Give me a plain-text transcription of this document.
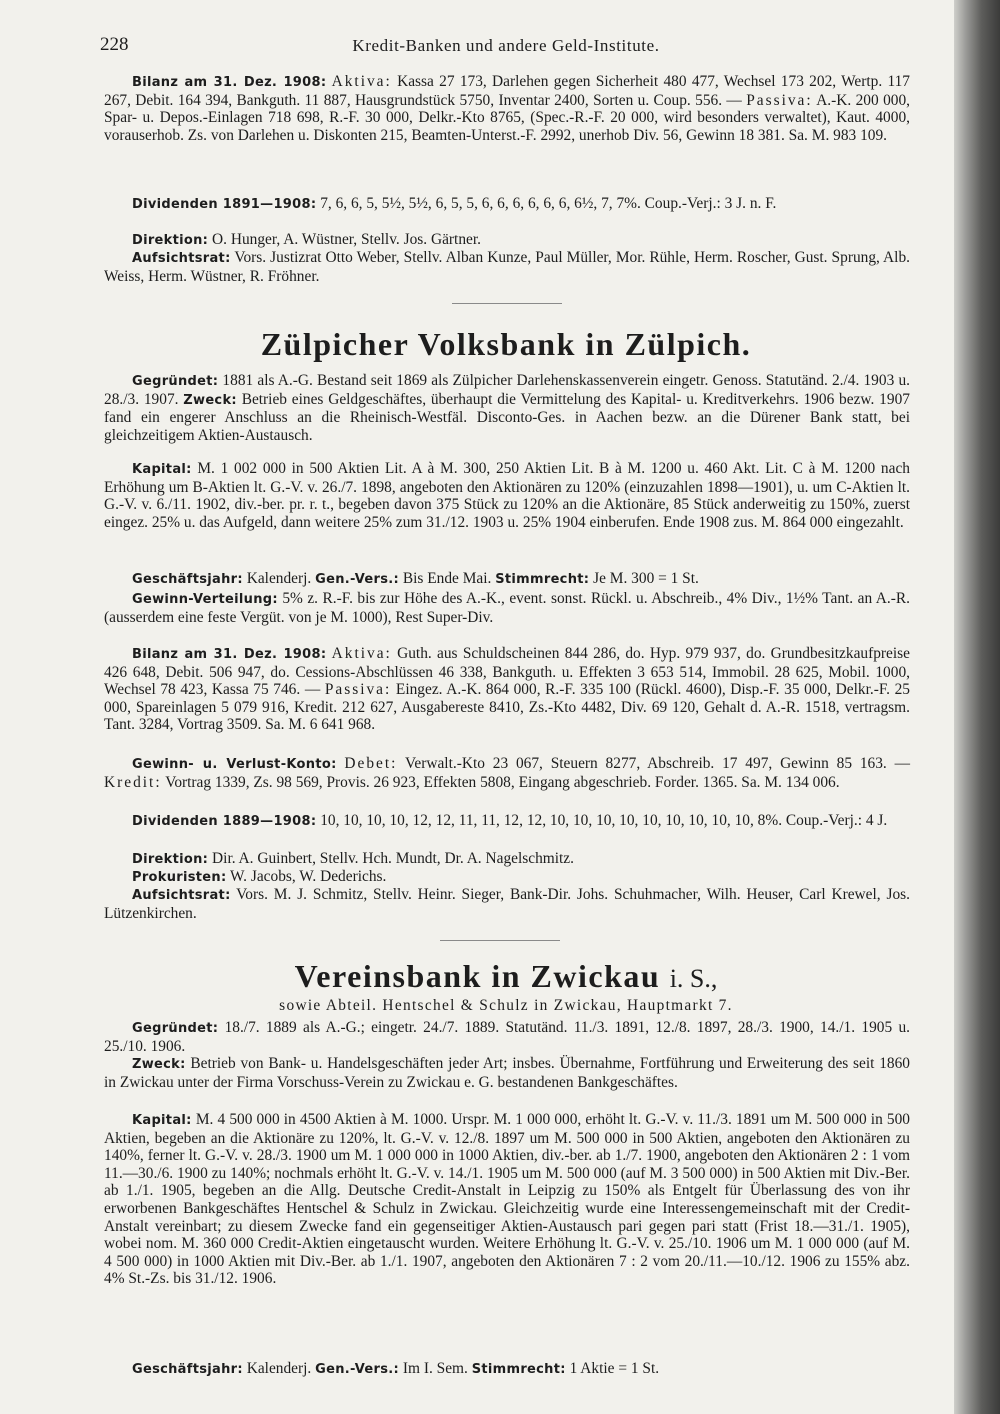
228	Kredit-Banken und andere Geld-Institute.

Bilanz am 31. Dez. 1908: Aktiva: Kassa 27 173, Darlehen gegen Sicherheit 480 477, Wechsel 173 202, Wertp. 117 267, Debit. 164 394, Bankguth. 11 887, Hausgrundstück 5750, Inventar 2400, Sorten u. Coup. 556. — Passiva: A.-K. 200 000, Spar- u. Depos.-Einlagen 718 698, R.-F. 30 000, Delkr.-Kto 8765, (Spec.-R.-F. 20 000, wird besonders verwaltet), Kaut. 4000, vorauserhob. Zs. von Darlehen u. Diskonten 215, Beamten-Unterst.-F. 2992, unerhob Div. 56, Gewinn 18 381. Sa. M. 983 109.

Dividenden 1891—1908: 7, 6, 6, 5, 5½, 5½, 6, 5, 5, 6, 6, 6, 6, 6, 6, 6½, 7, 7%. Coup.-Verj.: 3 J. n. F.

Direktion: O. Hunger, A. Wüstner, Stellv. Jos. Gärtner.

Aufsichtsrat: Vors. Justizrat Otto Weber, Stellv. Alban Kunze, Paul Müller, Mor. Rühle, Herm. Roscher, Gust. Sprung, Alb. Weiss, Herm. Wüstner, R. Fröhner.

Zülpicher Volksbank in Zülpich.

Gegründet: 1881 als A.-G. Bestand seit 1869 als Zülpicher Darlehenskassenverein eingetr. Genoss. Statutänd. 2./4. 1903 u. 28./3. 1907. Zweck: Betrieb eines Geldgeschäftes, überhaupt die Vermittelung des Kapital- u. Kreditverkehrs. 1906 bezw. 1907 fand ein engerer Anschluss an die Rheinisch-Westfäl. Disconto-Ges. in Aachen bezw. an die Dürener Bank statt, bei gleichzeitigem Aktien-Austausch.

Kapital: M. 1 002 000 in 500 Aktien Lit. A à M. 300, 250 Aktien Lit. B à M. 1200 u. 460 Akt. Lit. C à M. 1200 nach Erhöhung um B-Aktien lt. G.-V. v. 26./7. 1898, angeboten den Aktionären zu 120% (einzuzahlen 1898—1901), u. um C-Aktien lt. G.-V. v. 6./11. 1902, div.-ber. pr. r. t., begeben davon 375 Stück zu 120% an die Aktionäre, 85 Stück anderweitig zu 150%, zuerst eingez. 25% u. das Aufgeld, dann weitere 25% zum 31./12. 1903 u. 25% 1904 einberufen. Ende 1908 zus. M. 864 000 eingezahlt.

Geschäftsjahr: Kalenderj. Gen.-Vers.: Bis Ende Mai. Stimmrecht: Je M. 300 = 1 St.

Gewinn-Verteilung: 5% z. R.-F. bis zur Höhe des A.-K., event. sonst. Rückl. u. Abschreib., 4% Div., 1½% Tant. an A.-R. (ausserdem eine feste Vergüt. von je M. 1000), Rest Super-Div.

Bilanz am 31. Dez. 1908: Aktiva: Guth. aus Schuldscheinen 844 286, do. Hyp. 979 937, do. Grundbesitzkaufpreise 426 648, Debit. 506 947, do. Cessions-Abschlüssen 46 338, Bankguth. u. Effekten 3 653 514, Immobil. 28 625, Mobil. 1000, Wechsel 78 423, Kassa 75 746. — Passiva: Eingez. A.-K. 864 000, R.-F. 335 100 (Rückl. 4600), Disp.-F. 35 000, Delkr.-F. 25 000, Spareinlagen 5 079 916, Kredit. 212 627, Ausgabereste 8410, Zs.-Kto 4482, Div. 69 120, Gehalt d. A.-R. 1518, vertragsm. Tant. 3284, Vortrag 3509. Sa. M. 6 641 968.

Gewinn- u. Verlust-Konto: Debet: Verwalt.-Kto 23 067, Steuern 8277, Abschreib. 17 497, Gewinn 85 163. — Kredit: Vortrag 1339, Zs. 98 569, Provis. 26 923, Effekten 5808, Eingang abgeschrieb. Forder. 1365. Sa. M. 134 006.

Dividenden 1889—1908: 10, 10, 10, 10, 12, 12, 11, 11, 12, 12, 10, 10, 10, 10, 10, 10, 10, 10, 10, 8%. Coup.-Verj.: 4 J.

Direktion: Dir. A. Guinbert, Stellv. Hch. Mundt, Dr. A. Nagelschmitz.

Prokuristen: W. Jacobs, W. Dederichs.

Aufsichtsrat: Vors. M. J. Schmitz, Stellv. Heinr. Sieger, Bank-Dir. Johs. Schuhmacher, Wilh. Heuser, Carl Krewel, Jos. Lützenkirchen.

Vereinsbank in Zwickau i. S.,
sowie Abteil. Hentschel & Schulz in Zwickau, Hauptmarkt 7.

Gegründet: 18./7. 1889 als A.-G.; eingetr. 24./7. 1889. Statutänd. 11./3. 1891, 12./8. 1897, 28./3. 1900, 14./1. 1905 u. 25./10. 1906.

Zweck: Betrieb von Bank- u. Handelsgeschäften jeder Art; insbes. Übernahme, Fortführung und Erweiterung des seit 1860 in Zwickau unter der Firma Vorschuss-Verein zu Zwickau e. G. bestandenen Bankgeschäftes.

Kapital: M. 4 500 000 in 4500 Aktien à M. 1000. Urspr. M. 1 000 000, erhöht lt. G.-V. v. 11./3. 1891 um M. 500 000 in 500 Aktien, begeben an die Aktionäre zu 120%, lt. G.-V. v. 12./8. 1897 um M. 500 000 in 500 Aktien, angeboten den Aktionären zu 140%, ferner lt. G.-V. v. 28./3. 1900 um M. 1 000 000 in 1000 Aktien, div.-ber. ab 1./7. 1900, angeboten den Aktionären 2 : 1 vom 11.—30./6. 1900 zu 140%; nochmals erhöht lt. G.-V. v. 14./1. 1905 um M. 500 000 (auf M. 3 500 000) in 500 Aktien mit Div.-Ber. ab 1./1. 1905, begeben an die Allg. Deutsche Credit-Anstalt in Leipzig zu 150% als Entgelt für Überlassung des von ihr erworbenen Bankgeschäftes Hentschel & Schulz in Zwickau. Gleichzeitig wurde eine Interessengemeinschaft mit der Credit-Anstalt vereinbart; zu diesem Zwecke fand ein gegenseitiger Aktien-Austausch pari gegen pari statt (Frist 18.—31./1. 1905), wobei nom. M. 360 000 Credit-Aktien eingetauscht wurden. Weitere Erhöhung lt. G.-V. v. 25./10. 1906 um M. 1 000 000 (auf M. 4 500 000) in 1000 Aktien mit Div.-Ber. ab 1./1. 1907, angeboten den Aktionären 7 : 2 vom 20./11.—10./12. 1906 zu 155% abz. 4% St.-Zs. bis 31./12. 1906.

Geschäftsjahr: Kalenderj. Gen.-Vers.: Im I. Sem. Stimmrecht: 1 Aktie = 1 St.
